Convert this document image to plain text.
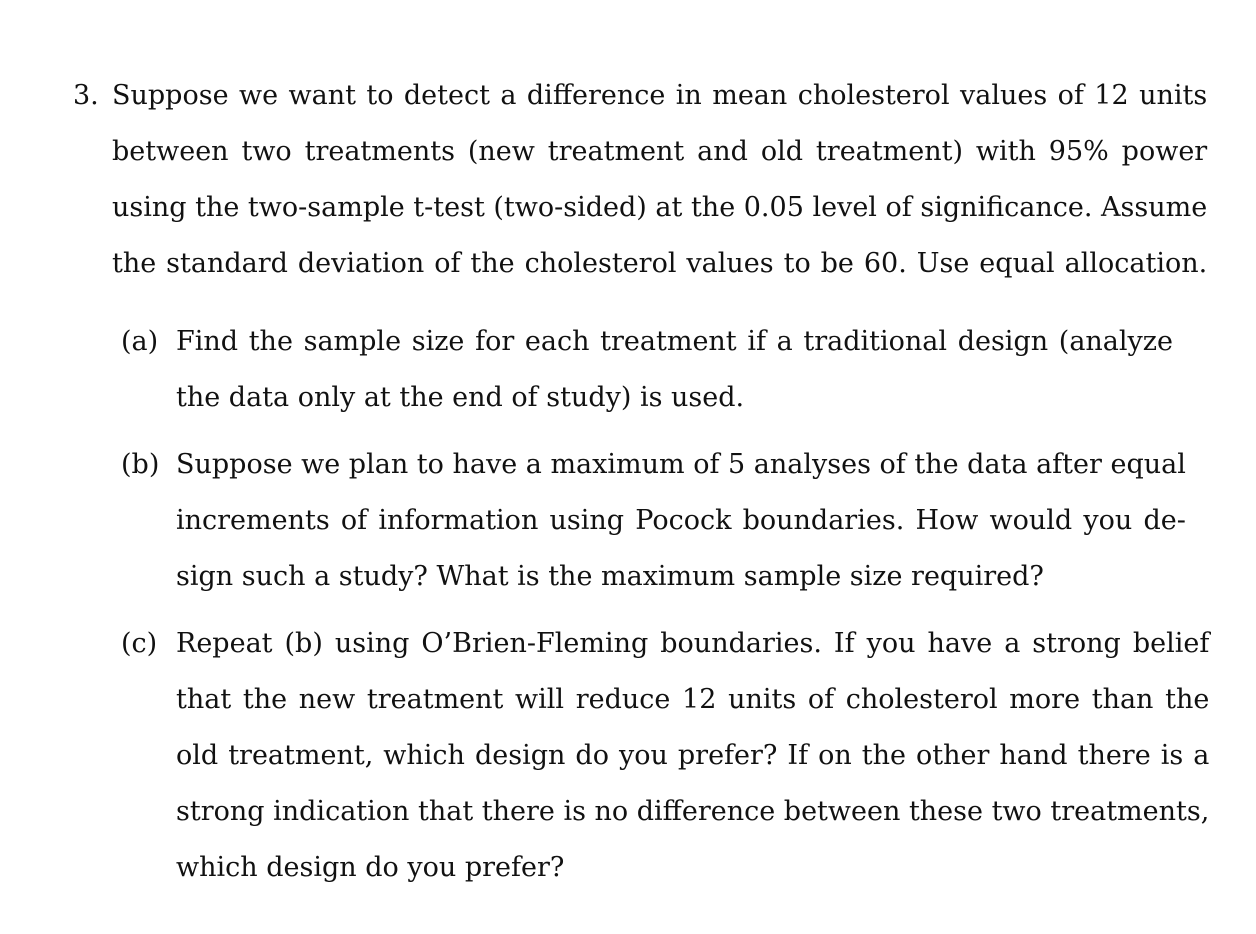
3. Suppose we want to detect a difference in mean cholesterol values of 12 units
between two treatments (new treatment and old treatment) with 95% power
using the two-sample t-test (two-sided) at the 0.05 level of significance. Assume
the standard deviation of the cholesterol values to be 60. Use equal allocation.
(a) Find the sample size for each treatment if a traditional design (analyze
the data only at the end of study) is used.
(b) Suppose we plan to have a maximum of 5 analyses of the data after equal
increments of information using Pocock boundaries. How would you de-
sign such a study? What is the maximum sample size required?
(c) Repeat (b) using O’Brien-Fleming boundaries. If you have a strong belief
that the new treatment will reduce 12 units of cholesterol more than the
old treatment, which design do you prefer? If on the other hand there is a
strong indication that there is no difference between these two treatments,
which design do you prefer?
